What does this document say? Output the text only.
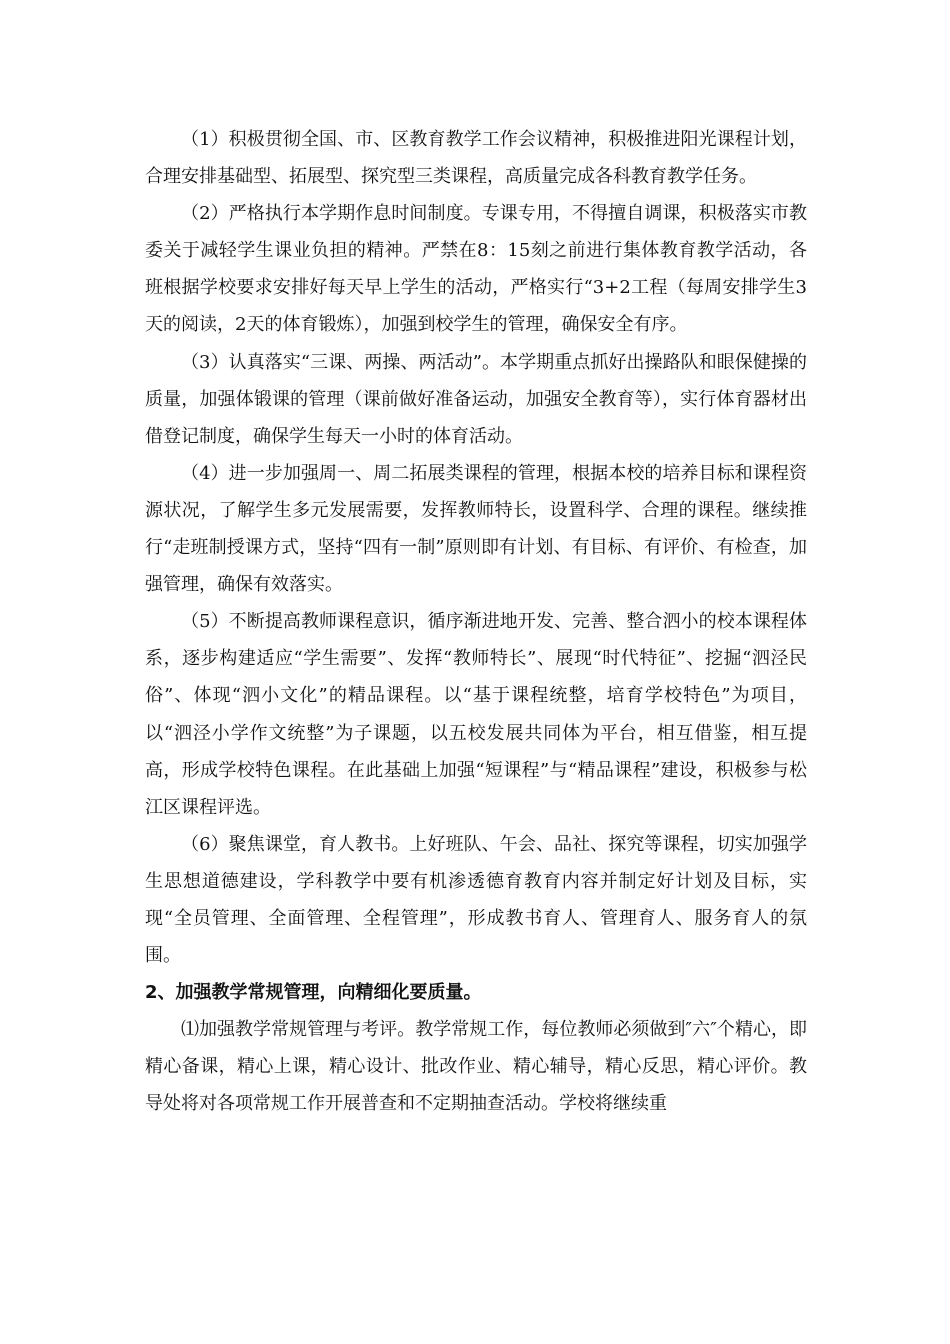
（1）积极贯彻全国、市、区教育教学工作会议精神，积极推进阳光课程计划，合理安排基础型、拓展型、探究型三类课程，高质量完成各科教育教学任务。

（2）严格执行本学期作息时间制度。专课专用，不得擅自调课，积极落实市教委关于减轻学生课业负担的精神。严禁在8：15刻之前进行集体教育教学活动，各班根据学校要求安排好每天早上学生的活动，严格实行“3+2工程（每周安排学生3天的阅读，2天的体育锻炼），加强到校学生的管理，确保安全有序。

（3）认真落实“三课、两操、两活动”。本学期重点抓好出操路队和眼保健操的质量，加强体锻课的管理（课前做好准备运动，加强安全教育等），实行体育器材出借登记制度，确保学生每天一小时的体育活动。

（4）进一步加强周一、周二拓展类课程的管理，根据本校的培养目标和课程资源状况，了解学生多元发展需要，发挥教师特长，设置科学、合理的课程。继续推行“走班制授课方式，坚持“四有一制”原则即有计划、有目标、有评价、有检查，加强管理，确保有效落实。

（5）不断提高教师课程意识，循序渐进地开发、完善、整合泗小的校本课程体系，逐步构建适应“学生需要”、发挥“教师特长”、展现“时代特征”、挖掘“泗泾民俗”、体现“泗小文化”的精品课程。以“基于课程统整，培育学校特色”为项目，以“泗泾小学作文统整”为子课题，以五校发展共同体为平台，相互借鉴，相互提高，形成学校特色课程。在此基础上加强“短课程”与“精品课程”建设，积极参与松江区课程评选。

（6）聚焦课堂，育人教书。上好班队、午会、品社、探究等课程，切实加强学生思想道德建设，学科教学中要有机渗透德育教育内容并制定好计划及目标，实现“全员管理、全面管理、全程管理”，形成教书育人、管理育人、服务育人的氛围。

2、加强教学常规管理，向精细化要质量。

⑴加强教学常规管理与考评。教学常规工作，每位教师必须做到″六″个精心，即精心备课，精心上课，精心设计、批改作业、精心辅导，精心反思，精心评价。教导处将对各项常规工作开展普查和不定期抽查活动。学校将继续重
